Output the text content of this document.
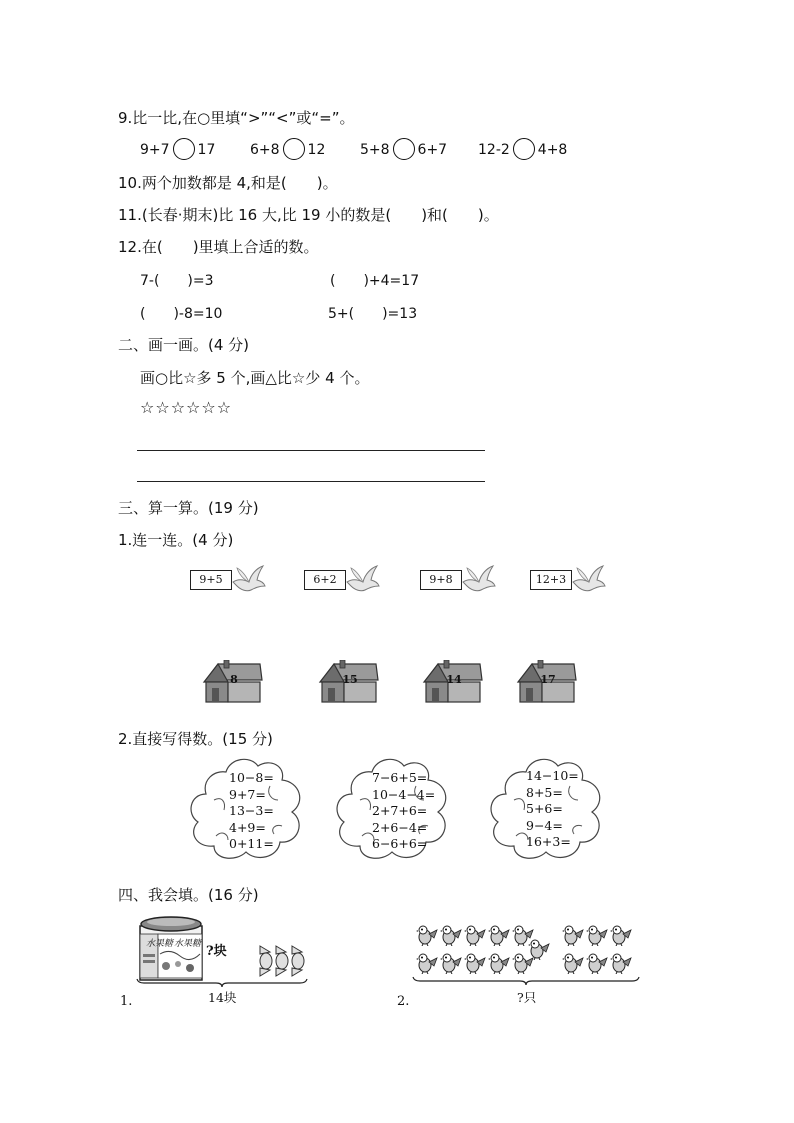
9.比一比,在○里填“>”“<”或“=”。
9+7 17 6+8 12 5+8 6+7 12-2 4+8
10.两个加数都是 4,和是(　　)。
11.(长春·期末)比 16 大,比 19 小的数是(　　)和(　　)。
12.在(　　)里填上合适的数。
7-(　　)=3	(　　)+4=17
(　　)-8=10	5+(　　)=13
二、画一画。(4 分)
画○比☆多 5 个,画△比☆少 4 个。
☆☆☆☆☆☆
三、算一算。(19 分)
1.连一连。(4 分)
9+5	6+2	9+8	12+3
8	15	14	17
2.直接写得数。(15 分)
10−8=
9+7=
13−3=
4+9=
0+11=
7−6+5=
10−4−4=
2+7+6=
2+6−4=
6−6+6=
14−10=
8+5=
5+6=
9−4=
16+3=
四、我会填。(16 分)
水果糖 水果糖 ?块
14块
1.	?只
2.
